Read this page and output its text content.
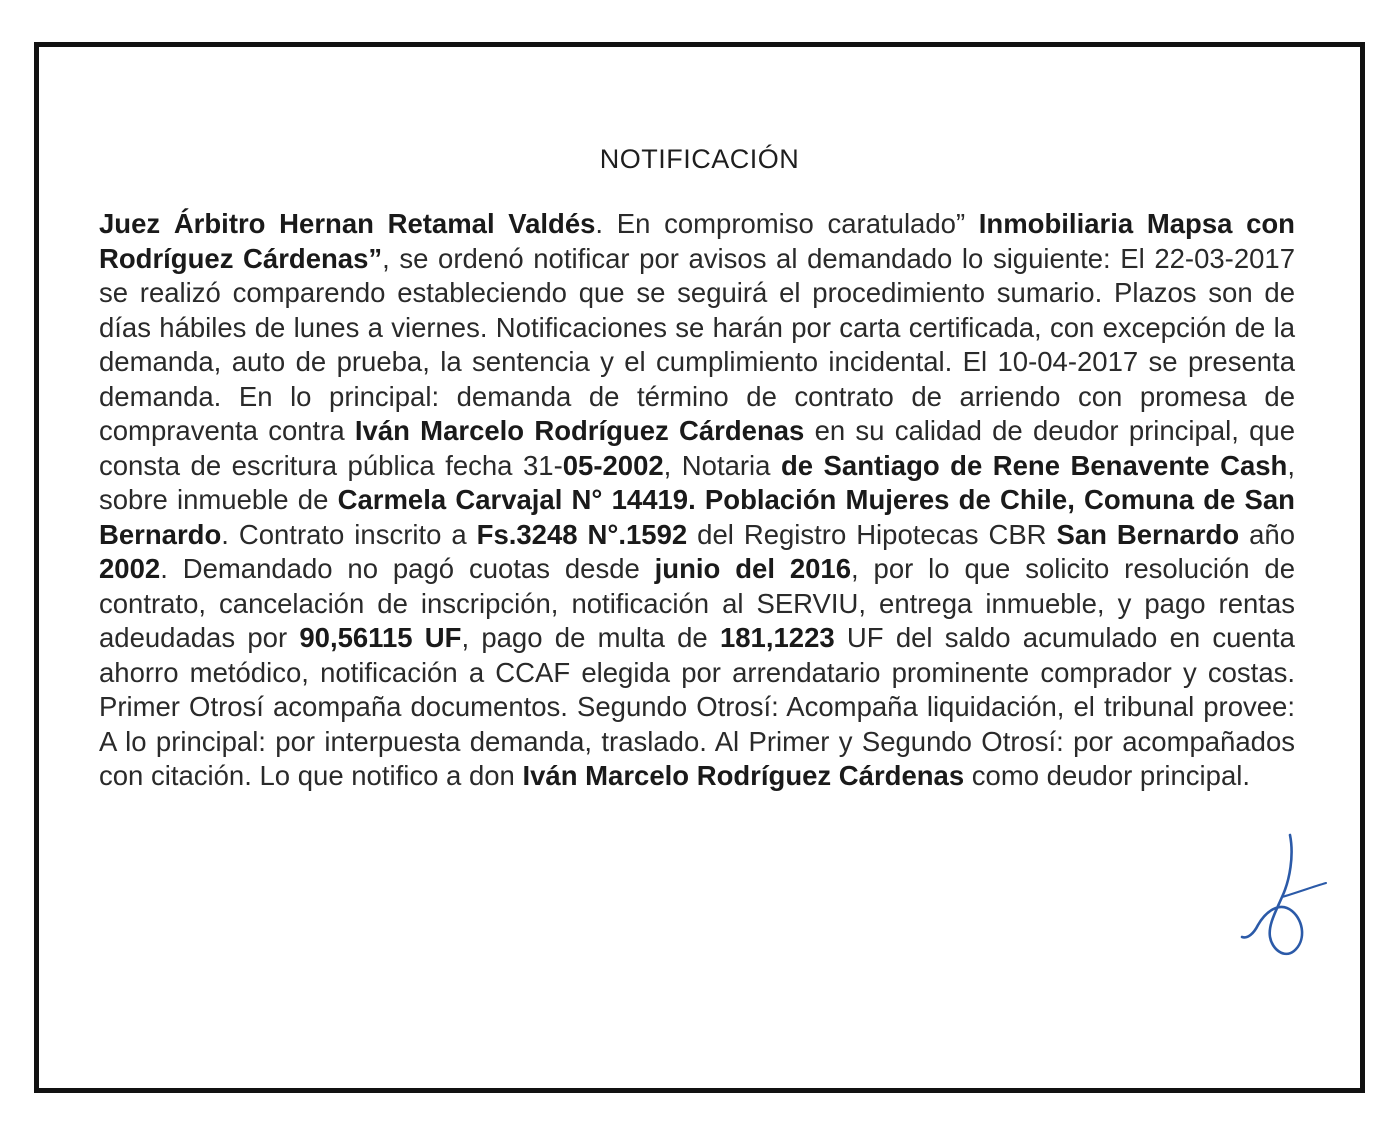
NOTIFICACIÓN

Juez Árbitro Hernan Retamal Valdés. En compromiso caratulado” Inmobiliaria Mapsa con Rodríguez Cárdenas”, se ordenó notificar por avisos al demandado lo siguiente: El 22-03-2017 se realizó comparendo estableciendo que se seguirá el procedimiento sumario. Plazos son de días hábiles de lunes a viernes. Notificaciones se harán por carta certificada, con excepción de la demanda, auto de prueba, la sentencia y el cumplimiento incidental. El 10-04-2017 se presenta demanda. En lo principal: demanda de término de contrato de arriendo con promesa de compraventa contra Iván Marcelo Rodríguez Cárdenas en su calidad de deudor principal, que consta de escritura pública fecha 31-05-2002, Notaria de Santiago de Rene Benavente Cash, sobre inmueble de Carmela Carvajal N° 14419. Población Mujeres de Chile, Comuna de San Bernardo. Contrato inscrito a Fs.3248 N°.1592 del Registro Hipotecas CBR San Bernardo año 2002. Demandado no pagó cuotas desde junio del 2016, por lo que solicito resolución de contrato, cancelación de inscripción, notificación al SERVIU, entrega inmueble, y pago rentas adeudadas por 90,56115 UF, pago de multa de 181,1223 UF del saldo acumulado en cuenta ahorro metódico, notificación a CCAF elegida por arrendatario prominente comprador y costas. Primer Otrosí acompaña documentos. Segundo Otrosí: Acompaña liquidación, el tribunal provee: A lo principal: por interpuesta demanda, traslado. Al Primer y Segundo Otrosí: por acompañados con citación. Lo que notifico a don Iván Marcelo Rodríguez Cárdenas como deudor principal.
